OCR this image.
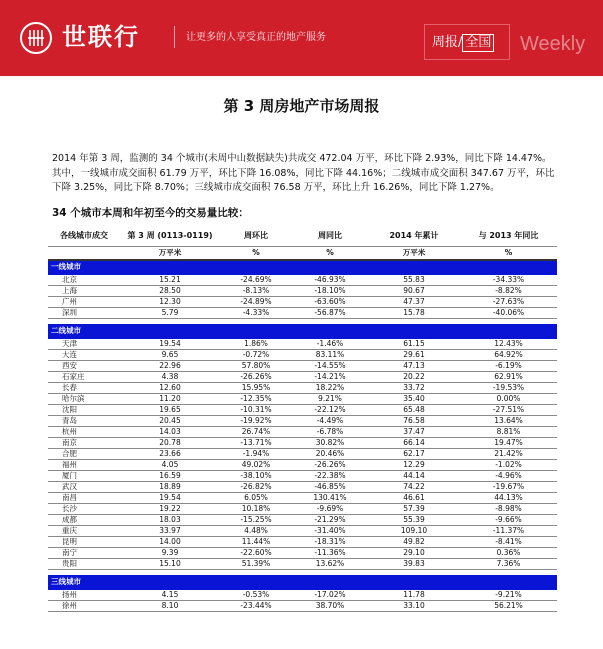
世联行	让更多的人享受真正的地产服务	周报/ 全国 Weekly
第 3 周房地产市场周报
2014 年第 3 周，监测的 34 个城市(未周中山数据缺失)共成交 472.04 万平，环比下降 2.93%，同比下降 14.47%。其中，一线城市成交面积 61.79 万平，环比下降 16.08%，同比下降 44.16%；二线城市成交面积 347.67 万平，环比下降 3.25%，同比下降 8.70%；三线城市成交面积 76.58 万平，环比上升 16.26%，同比下降 1.27%。
34 个城市本周和年初至今的交易量比较：
各线城市成交	第 3 周 (0113-0119)	周环比	周同比	2014 年累计	与 2013 年同比
	万平米	%	%	万平米	%
一线城市					
北京	15.21	-24.69%	-46.93%	55.83	-34.33%
上海	28.50	-8.13%	-18.10%	90.67	-8.82%
广州	12.30	-24.89%	-63.60%	47.37	-27.63%
深圳	5.79	-4.33%	-56.87%	15.78	-40.06%

二线城市					
天津	19.54	1.86%	-1.46%	61.15	12.43%
大连	9.65	-0.72%	83.11%	29.61	64.92%
西安	22.96	57.80%	-14.55%	47.13	-6.19%
石家庄	4.38	-26.26%	-14.21%	20.22	62.91%
长春	12.60	15.95%	18.22%	33.72	-19.53%
哈尔滨	11.20	-12.35%	9.21%	35.40	0.00%
沈阳	19.65	-10.31%	-22.12%	65.48	-27.51%
青岛	20.45	-19.92%	-4.49%	76.58	13.64%
杭州	14.03	26.74%	-6.78%	37.47	8.81%
南京	20.78	-13.71%	30.82%	66.14	19.47%
合肥	23.66	-1.94%	20.46%	62.17	21.42%
福州	4.05	49.02%	-26.26%	12.29	-1.02%
厦门	16.59	-38.10%	-22.38%	44.14	-4.96%
武汉	18.89	-26.82%	-46.85%	74.22	-19.67%
南昌	19.54	6.05%	130.41%	46.61	44.13%
长沙	19.22	10.18%	-9.69%	57.39	-8.98%
成都	18.03	-15.25%	-21.29%	55.39	-9.66%
重庆	33.97	4.48%	-31.40%	109.10	-11.37%
昆明	14.00	11.44%	-18.31%	49.82	-8.41%
南宁	9.39	-22.60%	-11.36%	29.10	0.36%
贵阳	15.10	51.39%	13.62%	39.83	7.36%

三线城市					
扬州	4.15	-0.53%	-17.02%	11.78	-9.21%
徐州	8.10	-23.44%	38.70%	33.10	56.21%
